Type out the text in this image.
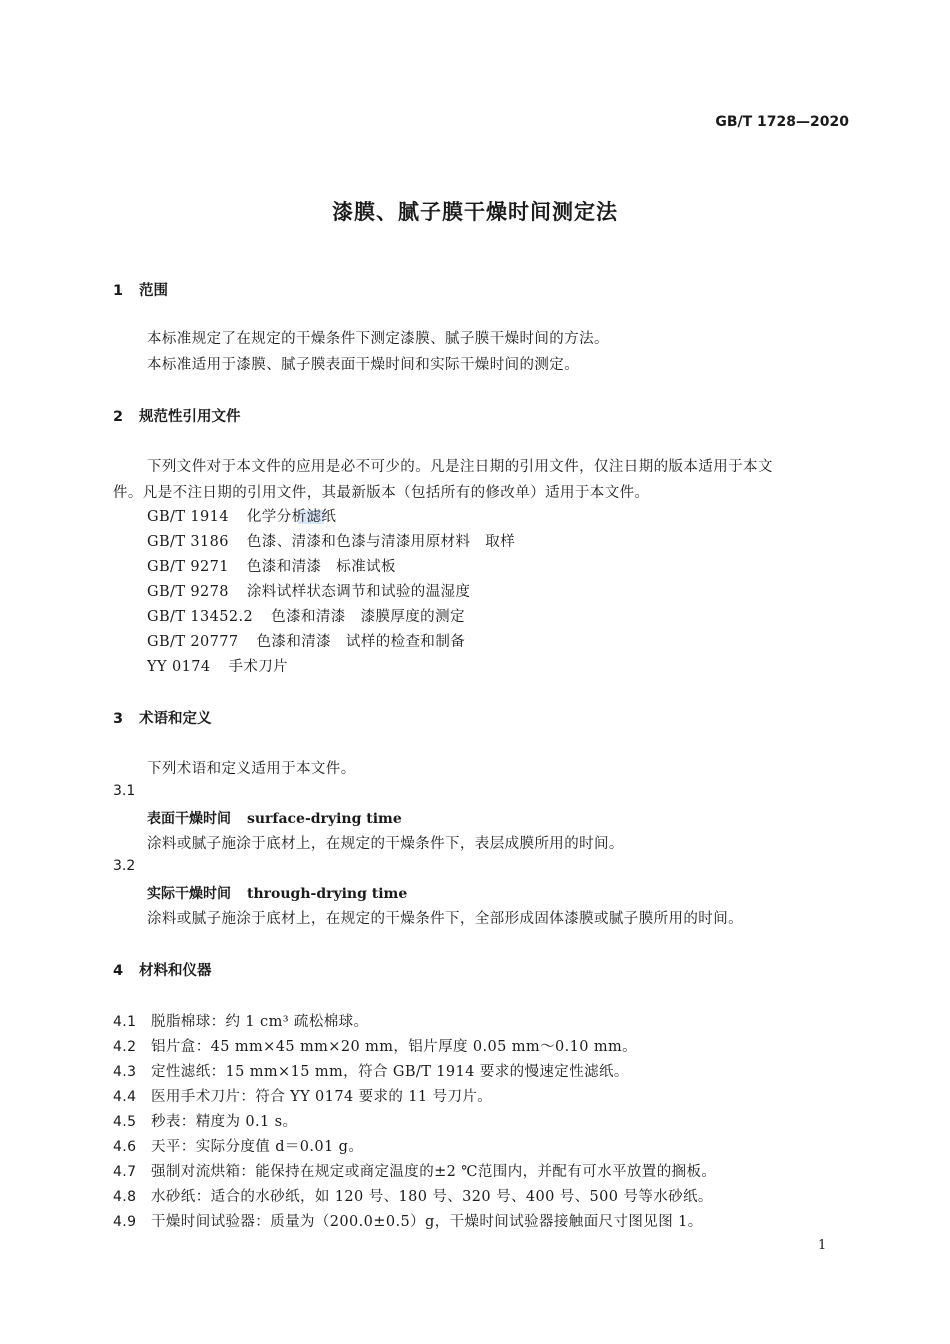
GB/T 1728—2020
漆膜、腻子膜干燥时间测定法
1 范围
本标准规定了在规定的干燥条件下测定漆膜、腻子膜干燥时间的方法。
本标准适用于漆膜、腻子膜表面干燥时间和实际干燥时间的测定。
2 规范性引用文件
下列文件对于本文件的应用是必不可少的。凡是注日期的引用文件，仅注日期的版本适用于本文
件。凡是不注日期的引用文件，其最新版本（包括所有的修改单）适用于本文件。
GB/T 1914 化学分析滤纸
GB/T 3186 色漆、清漆和色漆与清漆用原材料　取样
GB/T 9271 色漆和清漆　标准试板
GB/T 9278 涂料试样状态调节和试验的温湿度
GB/T 13452.2 色漆和清漆　漆膜厚度的测定
GB/T 20777 色漆和清漆　试样的检查和制备
YY 0174 手术刀片
3 术语和定义
下列术语和定义适用于本文件。
3.1
表面干燥时间 surface-drying time
涂料或腻子施涂于底材上，在规定的干燥条件下，表层成膜所用的时间。
3.2
实际干燥时间 through-drying time
涂料或腻子施涂于底材上，在规定的干燥条件下，全部形成固体漆膜或腻子膜所用的时间。
4 材料和仪器
4.1 脱脂棉球：约 1 cm³ 疏松棉球。
4.2 铝片盒：45 mm×45 mm×20 mm，铝片厚度 0.05 mm～0.10 mm。
4.3 定性滤纸：15 mm×15 mm，符合 GB/T 1914 要求的慢速定性滤纸。
4.4 医用手术刀片：符合 YY 0174 要求的 11 号刀片。
4.5 秒表：精度为 0.1 s。
4.6 天平：实际分度值 d＝0.01 g。
4.7 强制对流烘箱：能保持在规定或商定温度的±2 ℃范围内，并配有可水平放置的搁板。
4.8 水砂纸：适合的水砂纸，如 120 号、180 号、320 号、400 号、500 号等水砂纸。
4.9 干燥时间试验器：质量为（200.0±0.5）g，干燥时间试验器接触面尺寸图见图 1。
1
